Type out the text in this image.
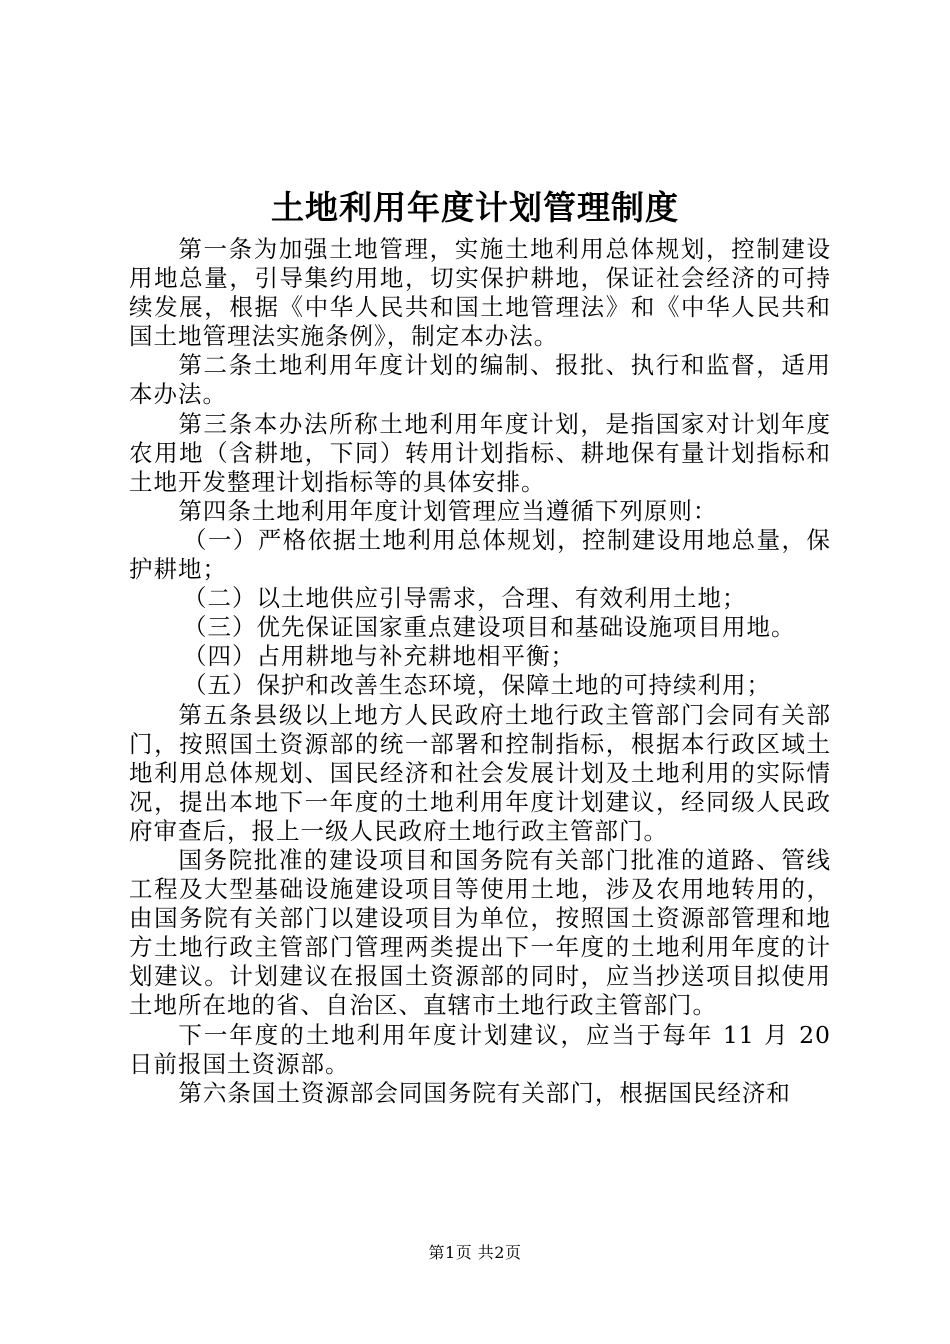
土地利用年度计划管理制度

第一条为加强土地管理，实施土地利用总体规划，控制建设用地总量，引导集约用地，切实保护耕地，保证社会经济的可持续发展，根据《中华人民共和国土地管理法》和《中华人民共和国土地管理法实施条例》，制定本办法。

第二条土地利用年度计划的编制、报批、执行和监督，适用本办法。

第三条本办法所称土地利用年度计划，是指国家对计划年度农用地（含耕地，下同）转用计划指标、耕地保有量计划指标和土地开发整理计划指标等的具体安排。

第四条土地利用年度计划管理应当遵循下列原则：

（一）严格依据土地利用总体规划，控制建设用地总量，保护耕地；

（二）以土地供应引导需求，合理、有效利用土地；

（三）优先保证国家重点建设项目和基础设施项目用地。

（四）占用耕地与补充耕地相平衡；

（五）保护和改善生态环境，保障土地的可持续利用；

第五条县级以上地方人民政府土地行政主管部门会同有关部门，按照国土资源部的统一部署和控制指标，根据本行政区域土地利用总体规划、国民经济和社会发展计划及土地利用的实际情况，提出本地下一年度的土地利用年度计划建议，经同级人民政府审查后，报上一级人民政府土地行政主管部门。

国务院批准的建设项目和国务院有关部门批准的道路、管线工程及大型基础设施建设项目等使用土地，涉及农用地转用的，由国务院有关部门以建设项目为单位，按照国土资源部管理和地方土地行政主管部门管理两类提出下一年度的土地利用年度的计划建议。计划建议在报国土资源部的同时，应当抄送项目拟使用土地所在地的省、自治区、直辖市土地行政主管部门。

下一年度的土地利用年度计划建议，应当于每年 11 月 20 日前报国土资源部。

第六条国土资源部会同国务院有关部门，根据国民经济和

第1页 共2页
